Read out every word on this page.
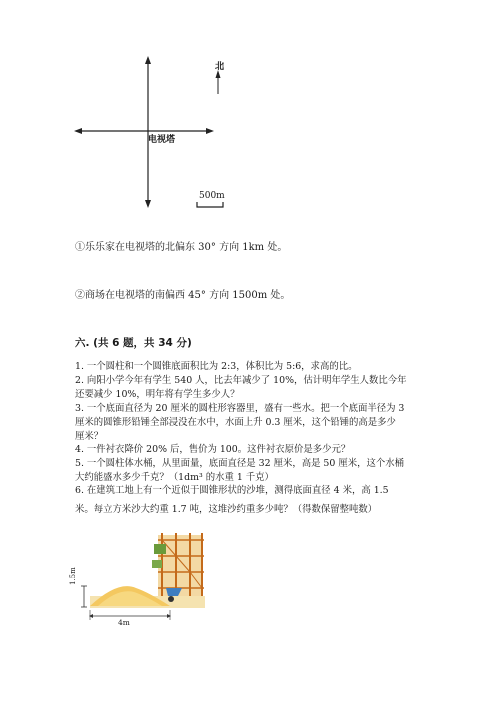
北
电视塔
500m
①乐乐家在电视塔的北偏东 30° 方向 1km 处。
②商场在电视塔的南偏西 45° 方向 1500m 处。
六. (共 6 题，共 34 分)
1. 一个圆柱和一个圆锥底面积比为 2:3，体积比为 5:6，求高的比。
2. 向阳小学今年有学生 540 人，比去年减少了 10%，估计明年学生人数比今年
还要减少 10%，明年将有学生多少人？
3. 一个底面直径为 20 厘米的圆柱形容器里，盛有一些水。把一个底面半径为 3
厘米的圆锥形铅锤全部浸没在水中，水面上升 0.3 厘米，这个铅锤的高是多少
厘米？
4. 一件衬衣降价 20% 后，售价为 100。这件衬衣原价是多少元？
5. 一个圆柱体水桶，从里面量，底面直径是 32 厘米，高是 50 厘米，这个水桶
大约能盛水多少千克？（1dm³ 的水重 1 千克）
6. 在建筑工地上有一个近似于圆锥形状的沙堆，测得底面直径 4 米，高 1.5
米。每立方米沙大约重 1.7 吨，这堆沙约重多少吨？（得数保留整吨数）
1.5m
4m
